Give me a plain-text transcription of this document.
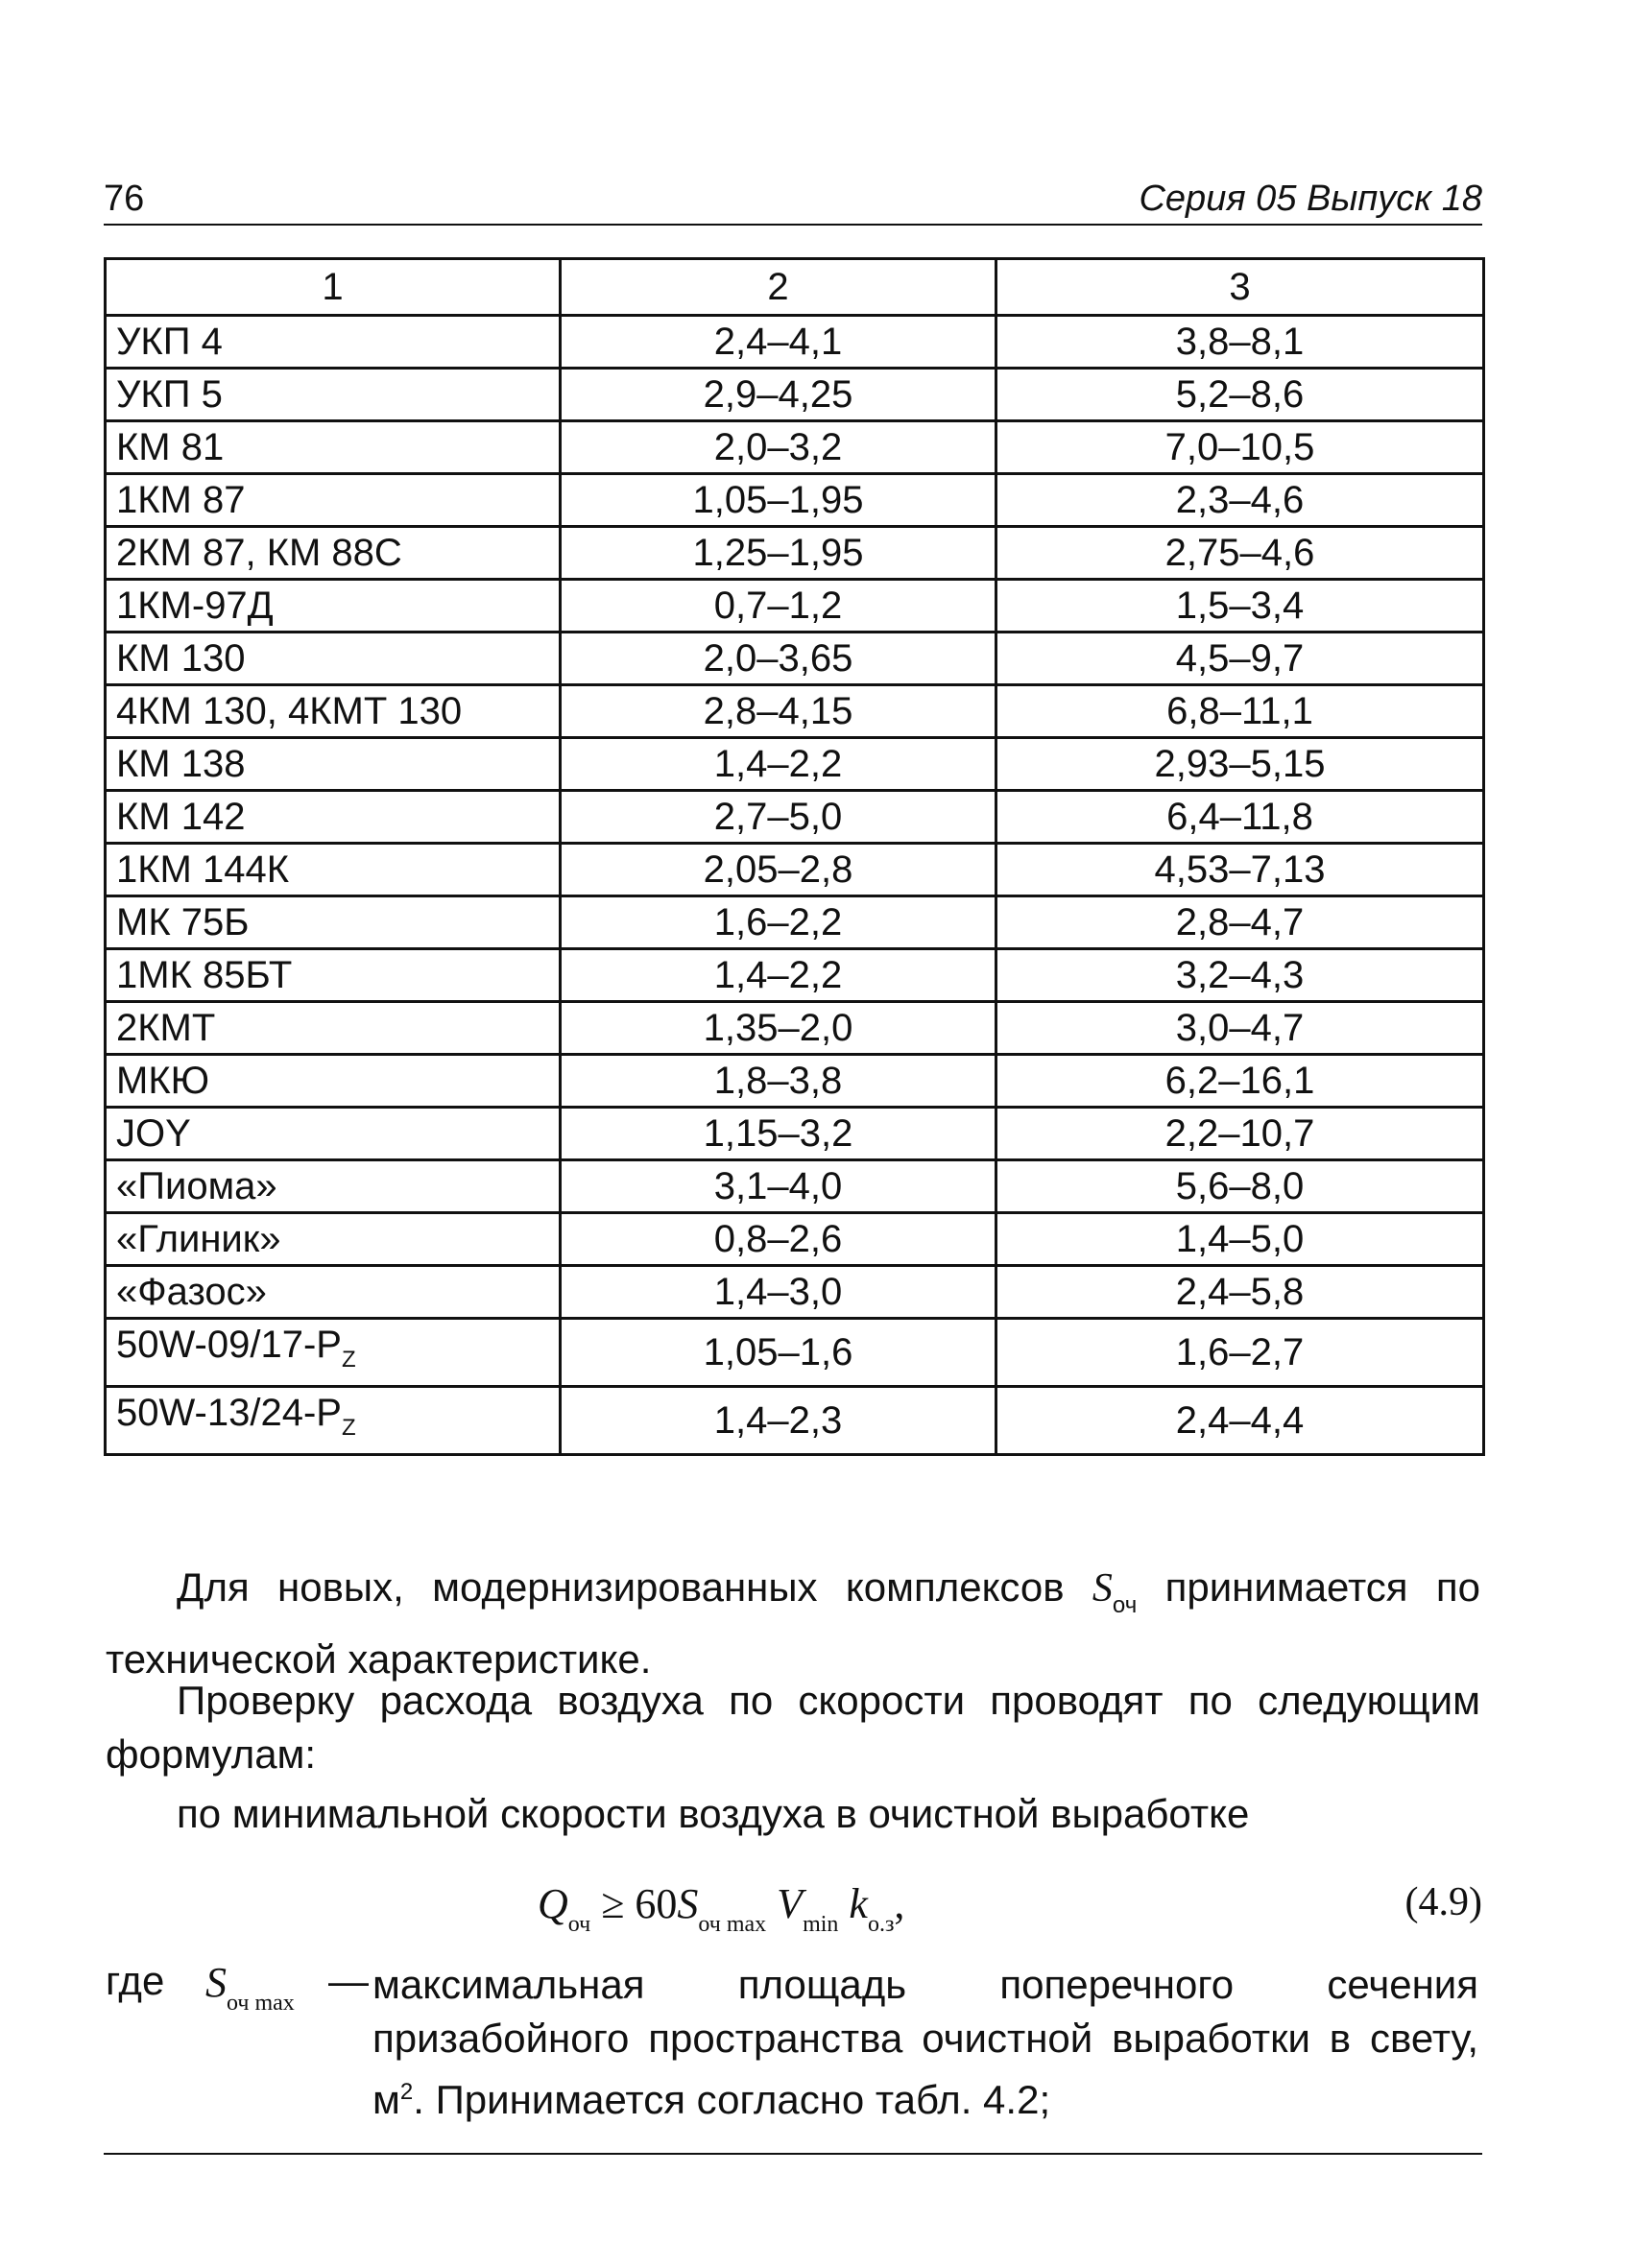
76	Серия 05 Выпуск 18
1	2	3
УКП 4	2,4–4,1	3,8–8,1
УКП 5	2,9–4,25	5,2–8,6
КМ 81	2,0–3,2	7,0–10,5
1КМ 87	1,05–1,95	2,3–4,6
2КМ 87, КМ 88С	1,25–1,95	2,75–4,6
1КМ-97Д	0,7–1,2	1,5–3,4
КМ 130	2,0–3,65	4,5–9,7
4КМ 130, 4КМТ 130	2,8–4,15	6,8–11,1
КМ 138	1,4–2,2	2,93–5,15
КМ 142	2,7–5,0	6,4–11,8
1КМ 144К	2,05–2,8	4,53–7,13
МК 75Б	1,6–2,2	2,8–4,7
1МК 85БТ	1,4–2,2	3,2–4,3
2КМТ	1,35–2,0	3,0–4,7
МКЮ	1,8–3,8	6,2–16,1
JOY	1,15–3,2	2,2–10,7
«Пиома»	3,1–4,0	5,6–8,0
«Глиник»	0,8–2,6	1,4–5,0
«Фазос»	1,4–3,0	2,4–5,8
$50W-09/17-P_Z$	1,05–1,6	1,6–2,7
$50W-13/24-P_Z$	1,4–2,3	2,4–4,4

Для новых, модернизированных комплексов $S_{оч}$ принимается по технической характеристике.

Проверку расхода воздуха по скорости проводят по следующим формулам:

по минимальной скорости воздуха в очистной выработке

$Q_{оч} \ge 60S_{оч max}$ $V_{min}$ $k_{о.з}$,	(4.9)
где $S_{оч max}$ — максимальная площадь поперечного сечения призабойного пространства очистной выработки в свету, $м^2$. Принимается согласно табл. 4.2;
